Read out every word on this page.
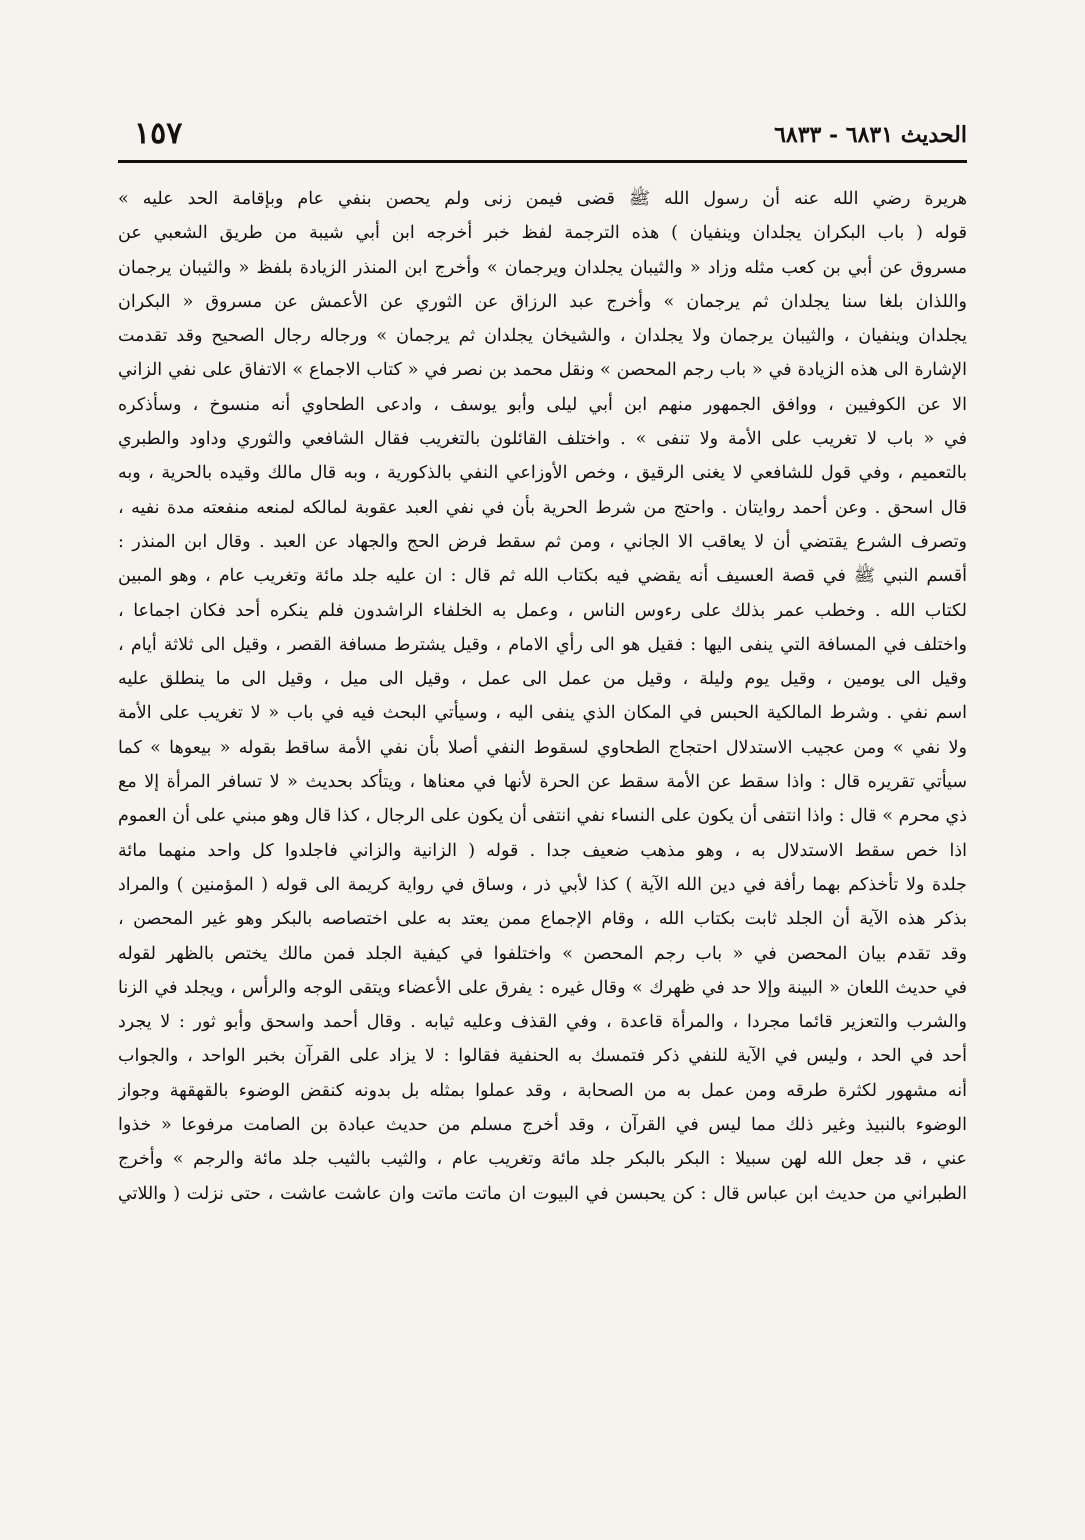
١٥٧	الحديث ٦٨٣١ - ٦٨٣٣
هريرة رضي الله عنه أن رسول الله ﷺ قضى فيمن زنى ولم يحصن بنفي عام وبإقامة الحد عليه »
قوله ( باب البكران يجلدان وينفيان ) هذه الترجمة لفظ خبر أخرجه ابن أبي شيبة من طريق الشعبي عن
مسروق عن أبي بن كعب مثله وزاد « والثيبان يجلدان ويرجمان » وأخرج ابن المنذر الزيادة بلفظ « والثيبان يرجمان
واللذان بلغا سنا يجلدان ثم يرجمان » وأخرج عبد الرزاق عن الثوري عن الأعمش عن مسروق « البكران
يجلدان وينفيان ، والثيبان يرجمان ولا يجلدان ، والشيخان يجلدان ثم يرجمان » ورجاله رجال الصحيح وقد تقدمت
الإشارة الى هذه الزيادة في « باب رجم المحصن » ونقل محمد بن نصر في « كتاب الاجماع » الاتفاق على نفي الزاني
الا عن الكوفيين ، ووافق الجمهور منهم ابن أبي ليلى وأبو يوسف ، وادعى الطحاوي أنه منسوخ ، وسأذكره
في « باب لا تغريب على الأمة ولا تنفى » . واختلف القائلون بالتغريب فقال الشافعي والثوري وداود والطبري
بالتعميم ، وفي قول للشافعي لا يغنى الرقيق ، وخص الأوزاعي النفي بالذكورية ، وبه قال مالك وقيده بالحرية ، وبه
قال اسحق . وعن أحمد روايتان . واحتج من شرط الحرية بأن في نفي العبد عقوبة لمالكه لمنعه منفعته مدة نفيه ،
وتصرف الشرع يقتضي أن لا يعاقب الا الجاني ، ومن ثم سقط فرض الحج والجهاد عن العبد . وقال ابن المنذر :
أقسم النبي ﷺ في قصة العسيف أنه يقضي فيه بكتاب الله ثم قال : ان عليه جلد مائة وتغريب عام ، وهو المبين
لكتاب الله . وخطب عمر بذلك على رءوس الناس ، وعمل به الخلفاء الراشدون فلم ينكره أحد فكان اجماعا ،
واختلف في المسافة التي ينفى اليها : فقيل هو الى رأي الامام ، وقيل يشترط مسافة القصر ، وقيل الى ثلاثة أيام ،
وقيل الى يومين ، وقيل يوم وليلة ، وقيل من عمل الى عمل ، وقيل الى ميل ، وقيل الى ما ينطلق عليه
اسم نفي . وشرط المالكية الحبس في المكان الذي ينفى اليه ، وسيأتي البحث فيه في باب « لا تغريب على الأمة
ولا نفي » ومن عجيب الاستدلال احتجاج الطحاوي لسقوط النفي أصلا بأن نفي الأمة ساقط بقوله « بيعوها » كما
سيأتي تقريره قال : واذا سقط عن الأمة سقط عن الحرة لأنها في معناها ، ويتأكد بحديث « لا تسافر المرأة إلا مع
ذي محرم » قال : واذا انتفى أن يكون على النساء نفي انتفى أن يكون على الرجال ، كذا قال وهو مبني على أن العموم
اذا خص سقط الاستدلال به ، وهو مذهب ضعيف جدا . قوله ( الزانية والزاني فاجلدوا كل واحد منهما مائة
جلدة ولا تأخذكم بهما رأفة في دين الله الآية ) كذا لأبي ذر ، وساق في رواية كريمة الى قوله ( المؤمنين ) والمراد
بذكر هذه الآية أن الجلد ثابت بكتاب الله ، وقام الإجماع ممن يعتد به على اختصاصه بالبكر وهو غير المحصن ،
وقد تقدم بيان المحصن في « باب رجم المحصن » واختلفوا في كيفية الجلد فمن مالك يختص بالظهر لقوله
في حديث اللعان « البينة وإلا حد في ظهرك » وقال غيره : يفرق على الأعضاء ويتقى الوجه والرأس ، ويجلد في الزنا
والشرب والتعزير قائما مجردا ، والمرأة قاعدة ، وفي القذف وعليه ثيابه . وقال أحمد واسحق وأبو ثور : لا يجرد
أحد في الحد ، وليس في الآية للنفي ذكر فتمسك به الحنفية فقالوا : لا يزاد على القرآن بخبر الواحد ، والجواب
أنه مشهور لكثرة طرقه ومن عمل به من الصحابة ، وقد عملوا بمثله بل بدونه كنقض الوضوء بالقهقهة وجواز
الوضوء بالنبيذ وغير ذلك مما ليس في القرآن ، وقد أخرج مسلم من حديث عبادة بن الصامت مرفوعا « خذوا
عني ، قد جعل الله لهن سبيلا : البكر بالبكر جلد مائة وتغريب عام ، والثيب بالثيب جلد مائة والرجم » وأخرج
الطبراني من حديث ابن عباس قال : كن يحبسن في البيوت ان ماتت ماتت وان عاشت عاشت ، حتى نزلت ( واللاتي
